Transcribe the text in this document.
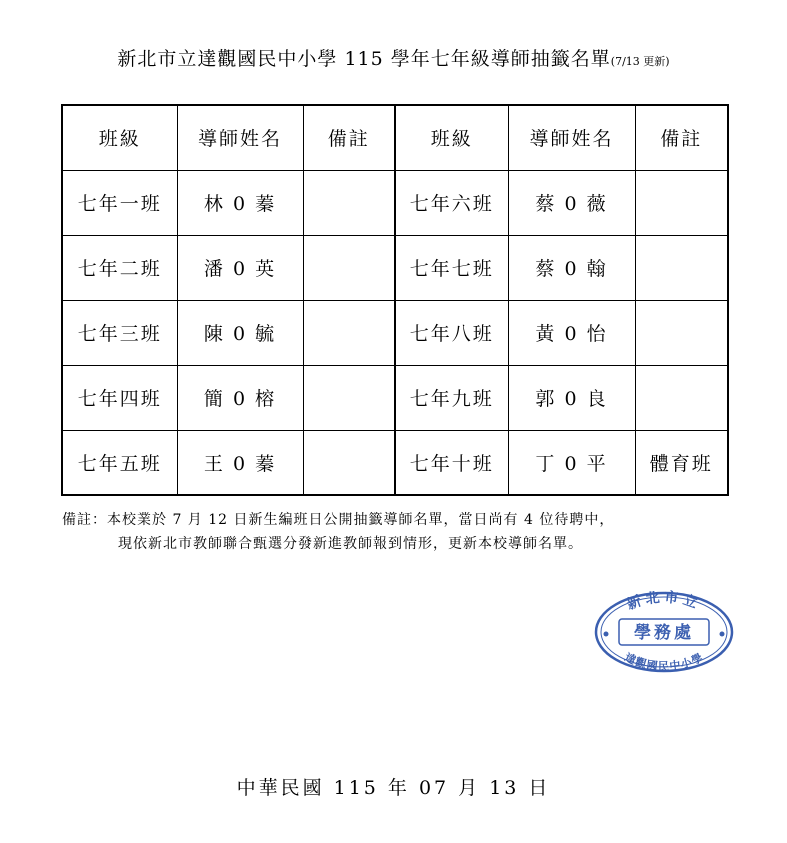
新北市立達觀國民中小學 115 學年七年級導師抽籤名單(7/13 更新)
班級	導師姓名	備註	班級	導師姓名	備註
七年一班	林 0 蓁		七年六班	蔡 0 薇	
七年二班	潘 0 英		七年七班	蔡 0 翰	
七年三班	陳 0 毓		七年八班	黃 0 怡	
七年四班	簡 0 榕		七年九班	郭 0 良	
七年五班	王 0 蓁		七年十班	丁 0 平	體育班
備註：本校業於 7 月 12 日新生編班日公開抽籤導師名單，當日尚有 4 位待聘中，
現依新北市教師聯合甄選分發新進教師報到情形，更新本校導師名單。
新北市立
學務處
達觀國民中小學
中華民國 115 年 07 月 13 日
